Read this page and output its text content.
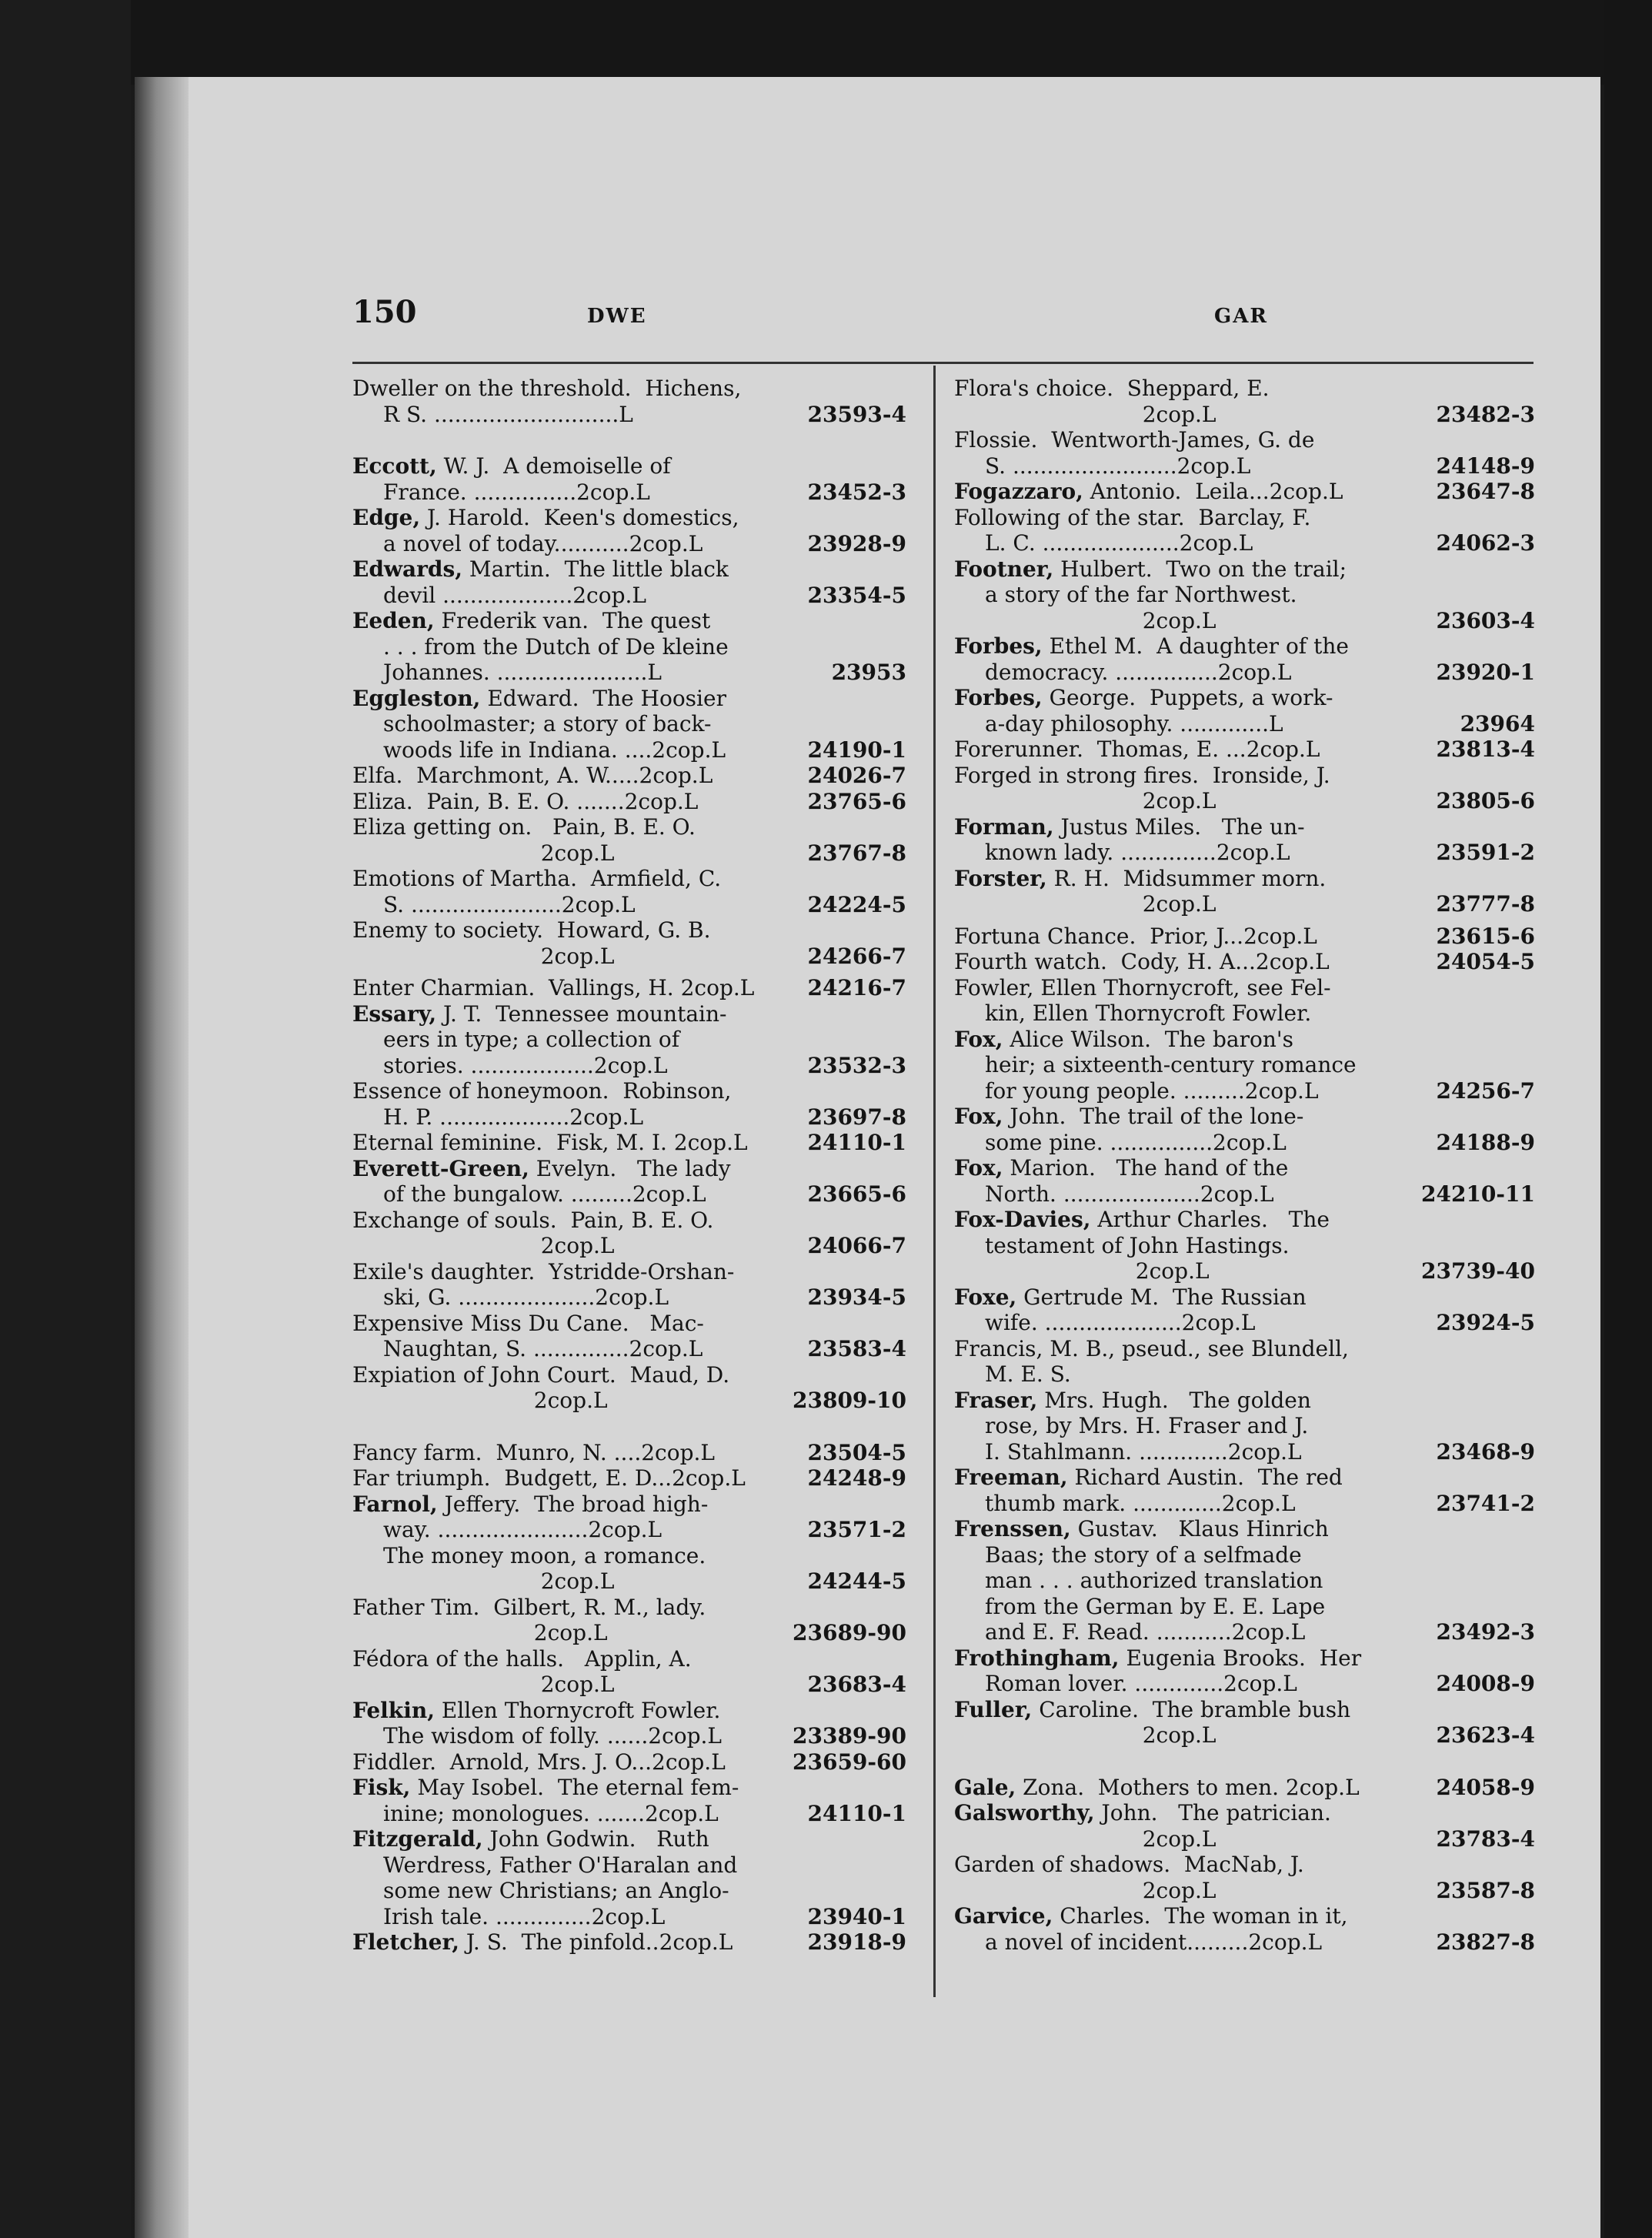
150	DWE	GAR
Dweller on the threshold.  Hichens,
R S. ...........................L	23593-4
Eccott, W. J.  A demoiselle of
France. ...............2cop.L	23452-3
Edge, J. Harold.  Keen's domestics,
a novel of today...........2cop.L	23928-9
Edwards, Martin.  The little black
devil ...................2cop.L	23354-5
Eeden, Frederik van.  The quest
. . . from the Dutch of De kleine
Johannes. ......................L	23953
Eggleston, Edward.  The Hoosier
schoolmaster; a story of back-
woods life in Indiana. ....2cop.L	24190-1
Elfa.  Marchmont, A. W.....2cop.L	24026-7
Eliza.  Pain, B. E. O. .......2cop.L	23765-6
Eliza getting on.   Pain, B. E. O.
2cop.L	23767-8
Emotions of Martha.  Armfield, C.
S. ......................2cop.L	24224-5
Enemy to society.  Howard, G. B.
2cop.L	24266-7
Enter Charmian.  Vallings, H. 2cop.L	24216-7
Essary, J. T.  Tennessee mountain-
eers in type; a collection of
stories. ..................2cop.L	23532-3
Essence of honeymoon.  Robinson,
H. P. ...................2cop.L	23697-8
Eternal feminine.  Fisk, M. I. 2cop.L	24110-1
Everett-Green, Evelyn.   The lady
of the bungalow. .........2cop.L	23665-6
Exchange of souls.  Pain, B. E. O.
2cop.L	24066-7
Exile's daughter.  Ystridde-Orshan-
ski, G. ....................2cop.L	23934-5
Expensive Miss Du Cane.   Mac-
Naughtan, S. ..............2cop.L	23583-4
Expiation of John Court.  Maud, D.
2cop.L	23809-10
Fancy farm.  Munro, N. ....2cop.L	23504-5
Far triumph.  Budgett, E. D...2cop.L	24248-9
Farnol, Jeffery.  The broad high-
way. ......................2cop.L	23571-2
The money moon, a romance.
2cop.L	24244-5
Father Tim.  Gilbert, R. M., lady.
2cop.L	23689-90
Fédora of the halls.   Applin, A.
2cop.L	23683-4
Felkin, Ellen Thornycroft Fowler.
The wisdom of folly. ......2cop.L	23389-90
Fiddler.  Arnold, Mrs. J. O...2cop.L	23659-60
Fisk, May Isobel.  The eternal fem-
inine; monologues. .......2cop.L	24110-1
Fitzgerald, John Godwin.   Ruth
Werdress, Father O'Haralan and
some new Christians; an Anglo-
Irish tale. ..............2cop.L	23940-1
Fletcher, J. S.  The pinfold..2cop.L	23918-9
Flora's choice.  Sheppard, E.
2cop.L	23482-3
Flossie.  Wentworth-James, G. de
S. ........................2cop.L	24148-9
Fogazzaro, Antonio.  Leila...2cop.L	23647-8
Following of the star.  Barclay, F.
L. C. ....................2cop.L	24062-3
Footner, Hulbert.  Two on the trail;
a story of the far Northwest.
2cop.L	23603-4
Forbes, Ethel M.  A daughter of the
democracy. ...............2cop.L	23920-1
Forbes, George.  Puppets, a work-
a-day philosophy. .............L	23964
Forerunner.  Thomas, E. ...2cop.L	23813-4
Forged in strong fires.  Ironside, J.
2cop.L	23805-6
Forman, Justus Miles.   The un-
known lady. ..............2cop.L	23591-2
Forster, R. H.  Midsummer morn.
2cop.L	23777-8
Fortuna Chance.  Prior, J...2cop.L	23615-6
Fourth watch.  Cody, H. A...2cop.L	24054-5
Fowler, Ellen Thornycroft, see Fel-
kin, Ellen Thornycroft Fowler.
Fox, Alice Wilson.  The baron's
heir; a sixteenth-century romance
for young people. .........2cop.L	24256-7
Fox, John.  The trail of the lone-
some pine. ...............2cop.L	24188-9
Fox, Marion.   The hand of the
North. ....................2cop.L	24210-11
Fox-Davies, Arthur Charles.   The
testament of John Hastings.
2cop.L	23739-40
Foxe, Gertrude M.  The Russian
wife. ....................2cop.L	23924-5
Francis, M. B., pseud., see Blundell,
M. E. S.
Fraser, Mrs. Hugh.   The golden
rose, by Mrs. H. Fraser and J.
I. Stahlmann. .............2cop.L	23468-9
Freeman, Richard Austin.  The red
thumb mark. .............2cop.L	23741-2
Frenssen, Gustav.   Klaus Hinrich
Baas; the story of a selfmade
man . . . authorized translation
from the German by E. E. Lape
and E. F. Read. ...........2cop.L	23492-3
Frothingham, Eugenia Brooks.  Her
Roman lover. .............2cop.L	24008-9
Fuller, Caroline.  The bramble bush
2cop.L	23623-4
Gale, Zona.  Mothers to men. 2cop.L	24058-9
Galsworthy, John.   The patrician.
2cop.L	23783-4
Garden of shadows.  MacNab, J.
2cop.L	23587-8
Garvice, Charles.  The woman in it,
a novel of incident.........2cop.L	23827-8
